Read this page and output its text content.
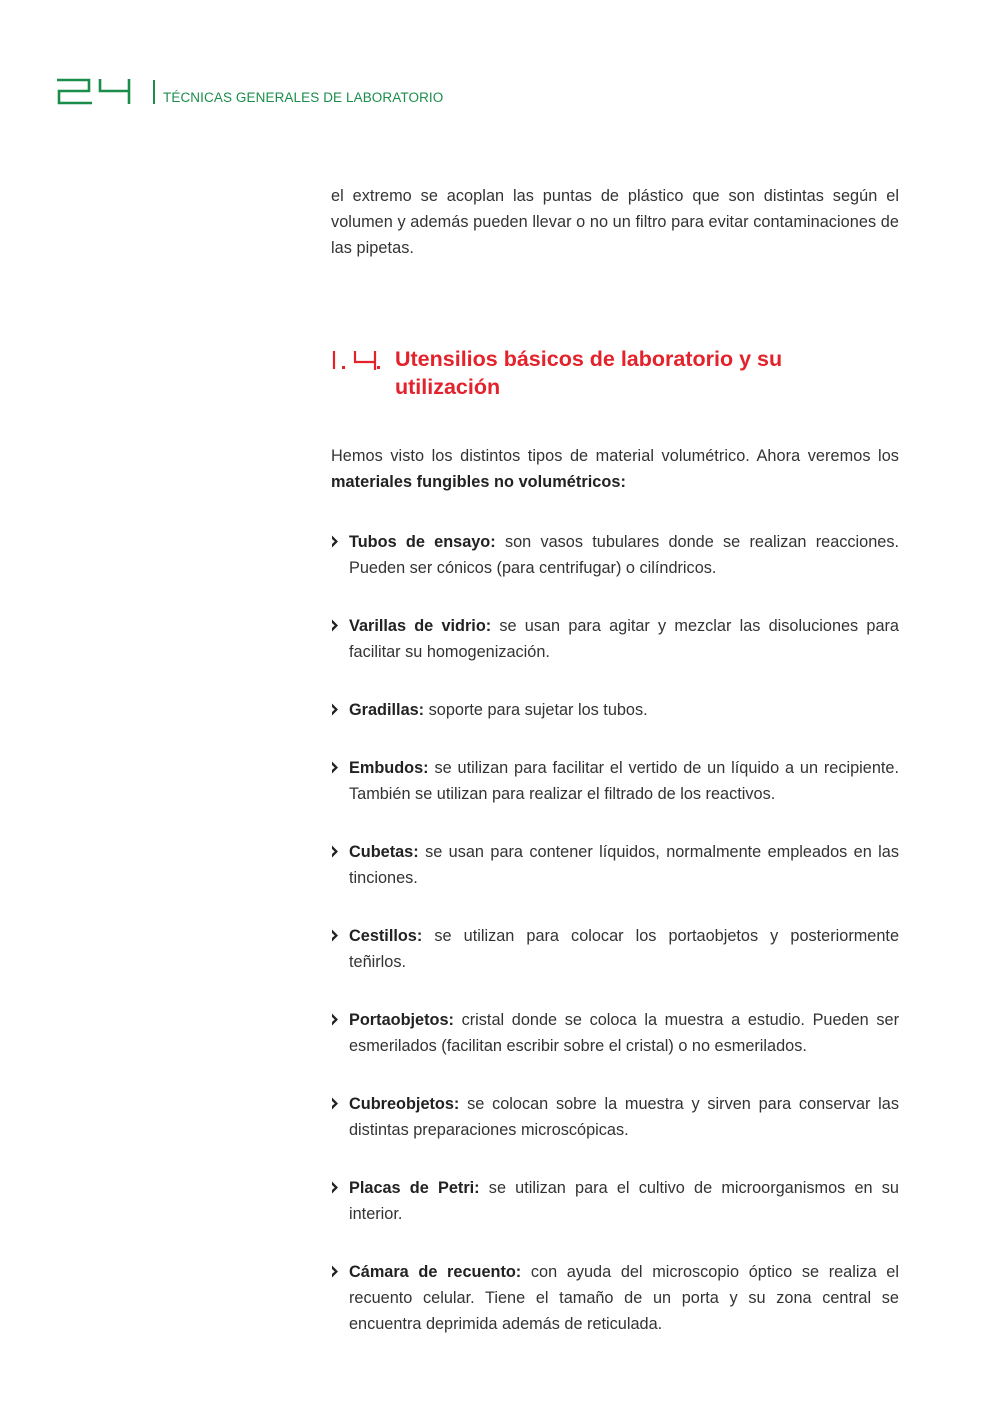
TÉCNICAS GENERALES DE LABORATORIO

el extremo se acoplan las puntas de plástico que son distintas según el volumen y además pueden llevar o no un filtro para evitar contaminaciones de las pipetas.

Utensilios básicos de laboratorio y su utilización

Hemos visto los distintos tipos de material volumétrico. Ahora veremos los materiales fungibles no volumétricos:

Tubos de ensayo: son vasos tubulares donde se realizan reacciones. Pueden ser cónicos (para centrifugar) o cilíndricos.

Varillas de vidrio: se usan para agitar y mezclar las disoluciones para facilitar su homogenización.

Gradillas: soporte para sujetar los tubos.

Embudos: se utilizan para facilitar el vertido de un líquido a un recipiente. También se utilizan para realizar el filtrado de los reactivos.

Cubetas: se usan para contener líquidos, normalmente empleados en las tinciones.

Cestillos: se utilizan para colocar los portaobjetos y posteriormente teñirlos.

Portaobjetos: cristal donde se coloca la muestra a estudio. Pueden ser esmerilados (facilitan escribir sobre el cristal) o no esmerilados.

Cubreobjetos: se colocan sobre la muestra y sirven para conservar las distintas preparaciones microscópicas.

Placas de Petri: se utilizan para el cultivo de microorganismos en su interior.

Cámara de recuento: con ayuda del microscopio óptico se realiza el recuento celular. Tiene el tamaño de un porta y su zona central se encuentra deprimida además de reticulada.
